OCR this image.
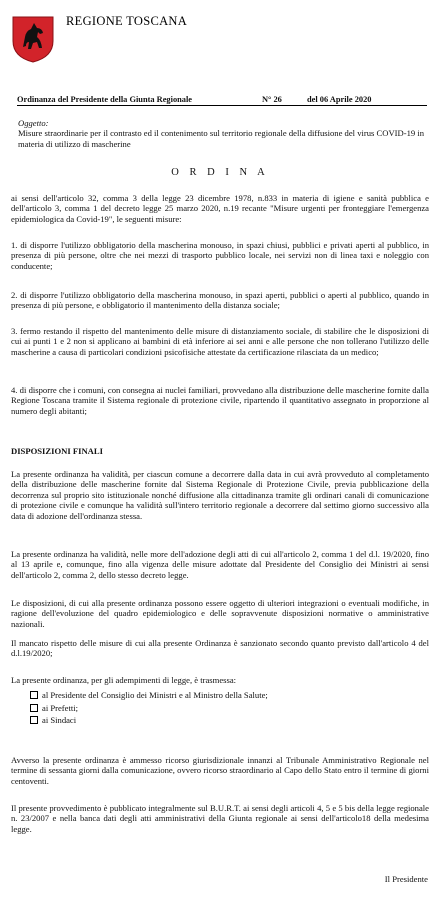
REGIONE TOSCANA
Ordinanza del Presidente della Giunta Regionale	N° 26	del 06 Aprile 2020
Oggetto:
Misure straordinarie per il contrasto ed il contenimento sul territorio regionale della diffusione del virus COVID-19 in materia di utilizzo di mascherine
O R D I N A
ai sensi dell'articolo 32, comma 3 della legge 23 dicembre 1978, n.833 in materia di igiene e sanità pubblica e dell'articolo 3, comma 1 del decreto legge 25 marzo 2020, n.19 recante "Misure urgenti per fronteggiare l'emergenza epidemiologica da Covid-19", le seguenti misure:
1. di disporre l'utilizzo obbligatorio della mascherina monouso, in spazi chiusi, pubblici e privati aperti al pubblico, in presenza di più persone, oltre che nei mezzi di trasporto pubblico locale, nei servizi non di linea taxi e noleggio con conducente;
2. di disporre l'utilizzo obbligatorio della mascherina monouso, in spazi aperti, pubblici o aperti al pubblico, quando in presenza di più persone, e obbligatorio il mantenimento della distanza sociale;
3. fermo restando il rispetto del mantenimento delle misure di distanziamento sociale, di stabilire che le disposizioni di cui ai punti 1 e 2 non si applicano ai bambini di età inferiore ai sei anni e alle persone che non tollerano l'utilizzo delle mascherine a causa di particolari condizioni psicofisiche attestate da certificazione rilasciata da un medico;
4. di disporre che i comuni, con consegna ai nuclei familiari, provvedano alla distribuzione delle mascherine fornite dalla Regione Toscana tramite il Sistema regionale di protezione civile, ripartendo il quantitativo assegnato in proporzione al numero degli abitanti;
DISPOSIZIONI FINALI
La presente ordinanza ha validità, per ciascun comune a decorrere dalla data in cui avrà provveduto al completamento della distribuzione delle mascherine fornite dal Sistema Regionale di Protezione Civile, previa pubblicazione della decorrenza sul proprio sito istituzionale nonché diffusione alla cittadinanza tramite gli ordinari canali di comunicazione di protezione civile e comunque ha validità sull'intero territorio regionale a decorrere dal settimo giorno successivo alla data di adozione dell'ordinanza stessa.
La presente ordinanza ha validità, nelle more dell'adozione degli atti di cui all'articolo 2, comma 1 del d.l. 19/2020, fino al 13 aprile e, comunque, fino alla vigenza delle misure adottate dal Presidente del Consiglio dei Ministri ai sensi dell'articolo 2, comma 2, dello stesso decreto legge.
Le disposizioni, di cui alla presente ordinanza possono essere oggetto di ulteriori integrazioni o eventuali modifiche, in ragione dell'evoluzione del quadro epidemiologico e delle sopravvenute disposizioni normative o amministrative nazionali.
Il mancato rispetto delle misure di cui alla presente Ordinanza è sanzionato secondo quanto previsto dall'articolo 4 del d.l.19/2020;
La presente ordinanza, per gli adempimenti di legge, è trasmessa:
al Presidente del Consiglio dei Ministri e al Ministro della Salute;
ai Prefetti;
ai Sindaci
Avverso la presente ordinanza è ammesso ricorso giurisdizionale innanzi al Tribunale Amministrativo Regionale nel termine di sessanta giorni dalla comunicazione, ovvero ricorso straordinario al Capo dello Stato entro il termine di giorni centoventi.
Il presente provvedimento è pubblicato integralmente sul B.U.R.T. ai sensi degli articoli 4, 5 e 5 bis della legge regionale n. 23/2007 e nella banca dati degli atti amministrativi della Giunta regionale ai sensi dell'articolo18 della medesima legge.
Il Presidente
